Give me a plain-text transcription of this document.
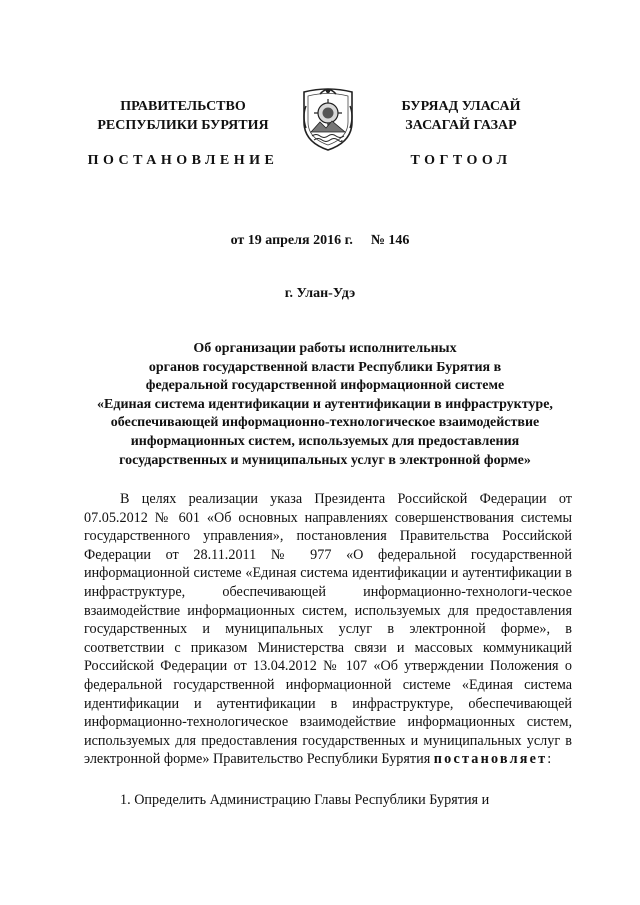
ПРАВИТЕЛЬСТВО
РЕСПУБЛИКИ БУРЯТИЯ
ПОСТАНОВЛЕНИЕ
БУРЯАД УЛАСАЙ
ЗАСАГАЙ ГАЗАР
ТОГТООЛ
от 19 апреля 2016 г. № 146
г. Улан-Удэ
Об организации работы исполнительных
органов государственной власти Республики Бурятия в
федеральной государственной информационной системе
«Единая система идентификации и аутентификации в инфраструктуре,
обеспечивающей информационно-технологическое взаимодействие
информационных систем, используемых для предоставления
государственных и муниципальных услуг в электронной форме»

В целях реализации указа Президента Российской Федерации от 07.05.2012 № 601 «Об основных направлениях совершенствования системы государственного управления», постановления Правительства Российской Федерации от 28.11.2011 № 977 «О федеральной государственной информационной системе «Единая система идентификации и аутентификации в инфраструктуре, обеспечивающей информационно-технологи-ческое взаимодействие информационных систем, используемых для предоставления государственных и муниципальных услуг в электронной форме», в соответствии с приказом Министерства связи и массовых коммуникаций Российской Федерации от 13.04.2012 № 107 «Об утверждении Положения о федеральной государственной информационной системе «Единая система идентификации и аутентификации в инфраструктуре, обеспечивающей информационно-технологическое взаимодействие информационных систем, используемых для предоставления государственных и муниципальных услуг в электронной форме» Правительство Республики Бурятия постановляет:

1. Определить Администрацию Главы Республики Бурятия и
